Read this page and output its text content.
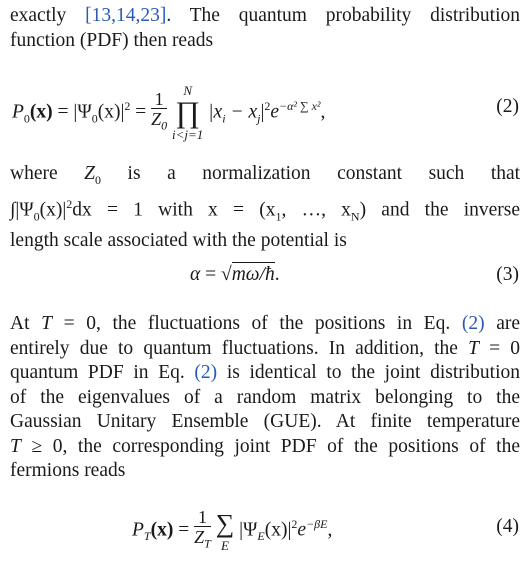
exactly [13,14,23]. The quantum probability distribution
function (PDF) then reads
$P_0(x) = |\Psi_0(x)|^2 = \frac{1}{Z_0}$
	N
∏
i<j=1
$|x_i - x_j|^2e^{-\alpha^2 \sum x^2}$,	(2)
where $Z_0$ is a normalization constant such that
$\int|\Psi_0(x)|^2dx = 1$ with $x = (x_1$, …, $x_N$) and the inverse
length scale associated with the potential is
α = √mω/ħ.	(3)
At T = 0, the fluctuations of the positions in Eq. (2) are
entirely due to quantum fluctuations. In addition, the T = 0
quantum PDF in Eq. (2) is identical to the joint distribution
of the eigenvalues of a random matrix belonging to the
Gaussian Unitary Ensemble (GUE). At finite temperature
T ≥ 0, the corresponding joint PDF of the positions of the
fermions reads
$P_T(x) = \frac{1}{Z_T}$
∑
E
$|\Psi_E(x)|^2e^{-\beta E}$,	(4)
